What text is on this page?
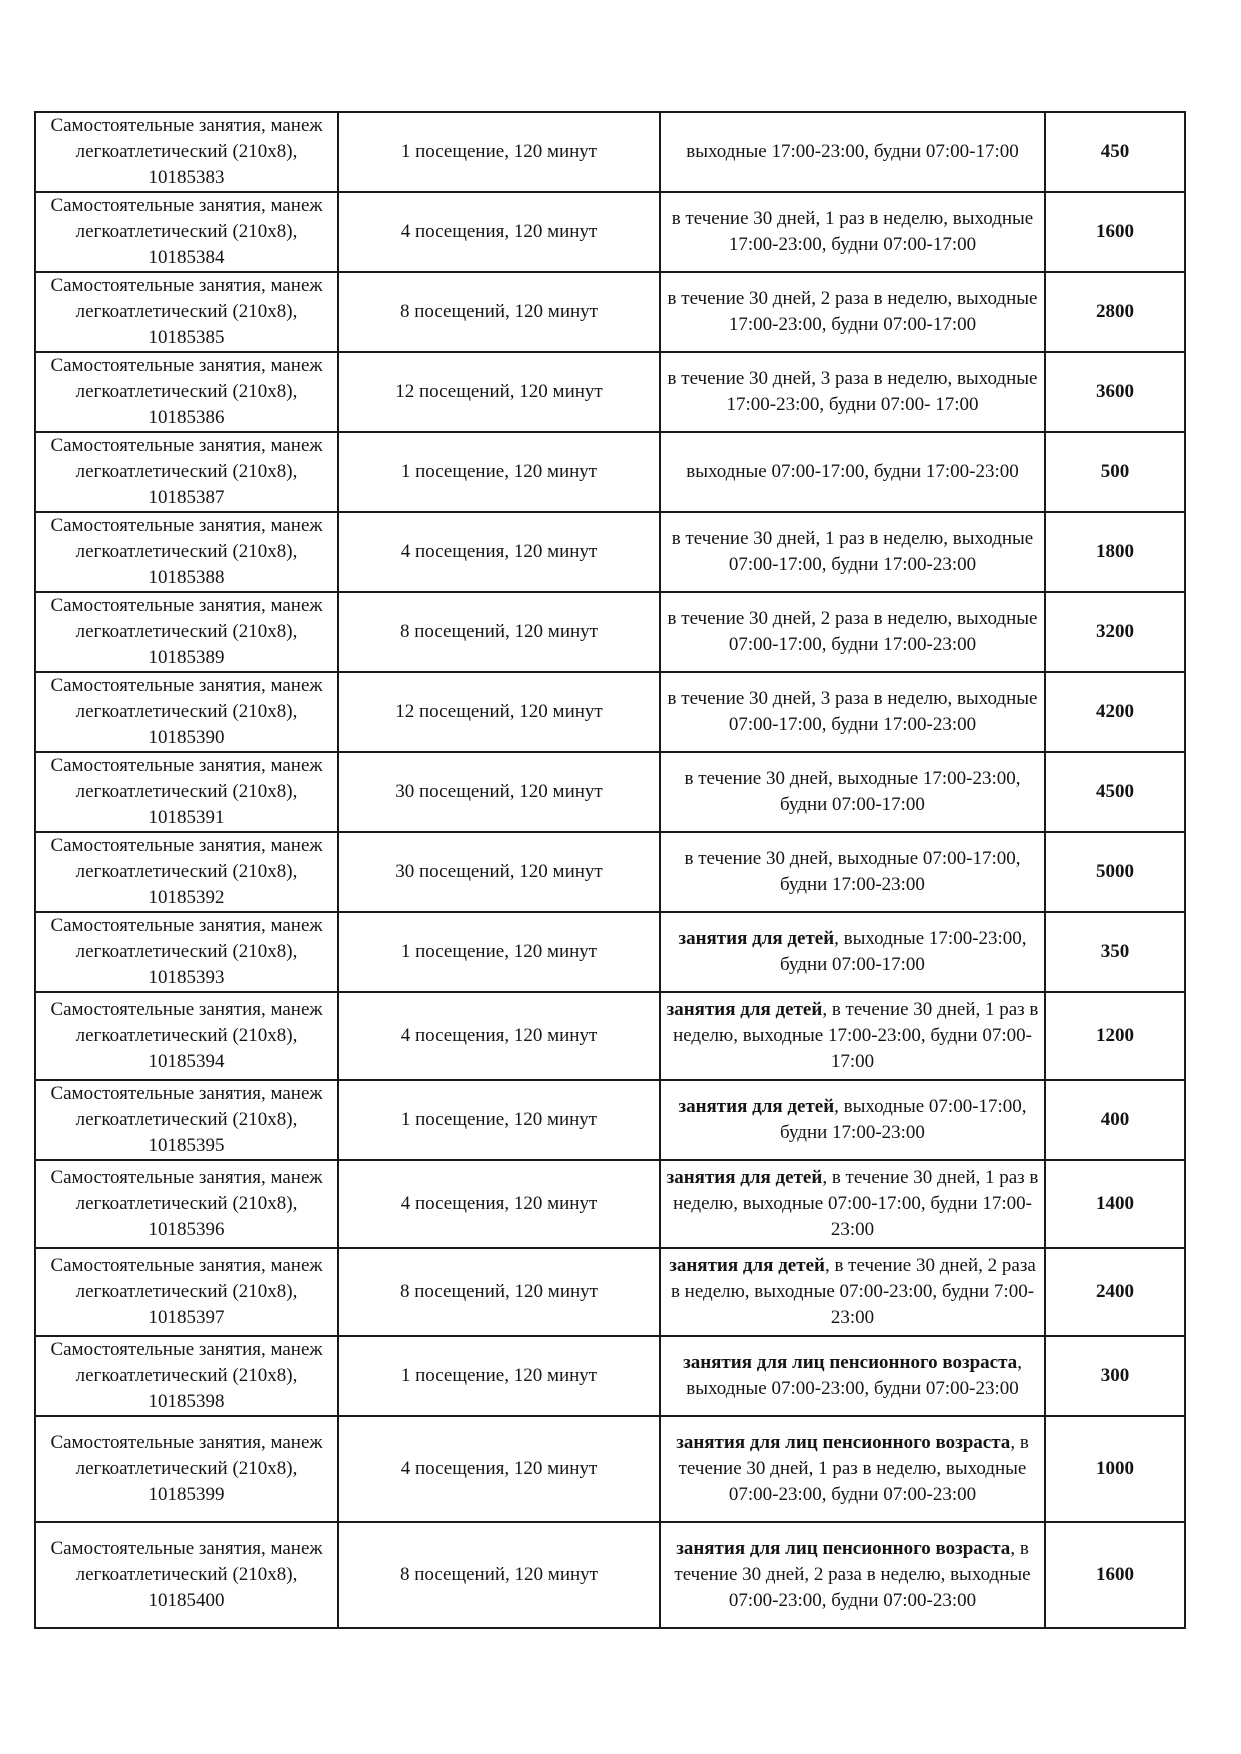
Самостоятельные занятия, манеж легкоатлетический (210х8), 10185383	1 посещение, 120 минут	выходные 17:00-23:00, будни 07:00-17:00	450
Самостоятельные занятия, манеж легкоатлетический (210х8), 10185384	4 посещения, 120 минут	в течение 30 дней, 1 раз в неделю, выходные 17:00-23:00, будни 07:00-17:00	1600
Самостоятельные занятия, манеж легкоатлетический (210х8), 10185385	8 посещений, 120 минут	в течение 30 дней, 2 раза в неделю, выходные 17:00-23:00, будни 07:00-17:00	2800
Самостоятельные занятия, манеж легкоатлетический (210х8), 10185386	12 посещений, 120 минут	в течение 30 дней, 3 раза в неделю, выходные 17:00-23:00, будни 07:00- 17:00	3600
Самостоятельные занятия, манеж легкоатлетический (210х8), 10185387	1 посещение, 120 минут	выходные 07:00-17:00, будни 17:00-23:00	500
Самостоятельные занятия, манеж легкоатлетический (210х8), 10185388	4 посещения, 120 минут	в течение 30 дней, 1 раз в неделю, выходные 07:00-17:00, будни 17:00-23:00	1800
Самостоятельные занятия, манеж легкоатлетический (210х8), 10185389	8 посещений, 120 минут	в течение 30 дней, 2 раза в неделю, выходные 07:00-17:00, будни 17:00-23:00	3200
Самостоятельные занятия, манеж легкоатлетический (210х8), 10185390	12 посещений, 120 минут	в течение 30 дней, 3 раза в неделю, выходные 07:00-17:00, будни 17:00-23:00	4200
Самостоятельные занятия, манеж легкоатлетический (210х8), 10185391	30 посещений, 120 минут	в течение 30 дней, выходные 17:00-23:00, будни 07:00-17:00	4500
Самостоятельные занятия, манеж легкоатлетический (210х8), 10185392	30 посещений, 120 минут	в течение 30 дней, выходные 07:00-17:00, будни 17:00-23:00	5000
Самостоятельные занятия, манеж легкоатлетический (210х8), 10185393	1 посещение, 120 минут	занятия для детей, выходные 17:00-23:00, будни 07:00-17:00	350
Самостоятельные занятия, манеж легкоатлетический (210х8), 10185394	4 посещения, 120 минут	занятия для детей, в течение 30 дней, 1 раз в неделю, выходные 17:00-23:00, будни 07:00-17:00	1200
Самостоятельные занятия, манеж легкоатлетический (210х8), 10185395	1 посещение, 120 минут	занятия для детей, выходные 07:00-17:00, будни 17:00-23:00	400
Самостоятельные занятия, манеж легкоатлетический (210х8), 10185396	4 посещения, 120 минут	занятия для детей, в течение 30 дней, 1 раз в неделю, выходные 07:00-17:00, будни 17:00-23:00	1400
Самостоятельные занятия, манеж легкоатлетический (210х8), 10185397	8 посещений, 120 минут	занятия для детей, в течение 30 дней, 2 раза в неделю, выходные 07:00-23:00, будни 7:00-23:00	2400
Самостоятельные занятия, манеж легкоатлетический (210х8), 10185398	1 посещение, 120 минут	занятия для лиц пенсионного возраста, выходные 07:00-23:00, будни 07:00-23:00	300
Самостоятельные занятия, манеж легкоатлетический (210х8), 10185399	4 посещения, 120 минут	занятия для лиц пенсионного возраста, в течение 30 дней, 1 раз в неделю, выходные 07:00-23:00, будни 07:00-23:00	1000
Самостоятельные занятия, манеж легкоатлетический (210х8), 10185400	8 посещений, 120 минут	занятия для лиц пенсионного возраста, в течение 30 дней, 2 раза в неделю, выходные 07:00-23:00, будни 07:00-23:00	1600
